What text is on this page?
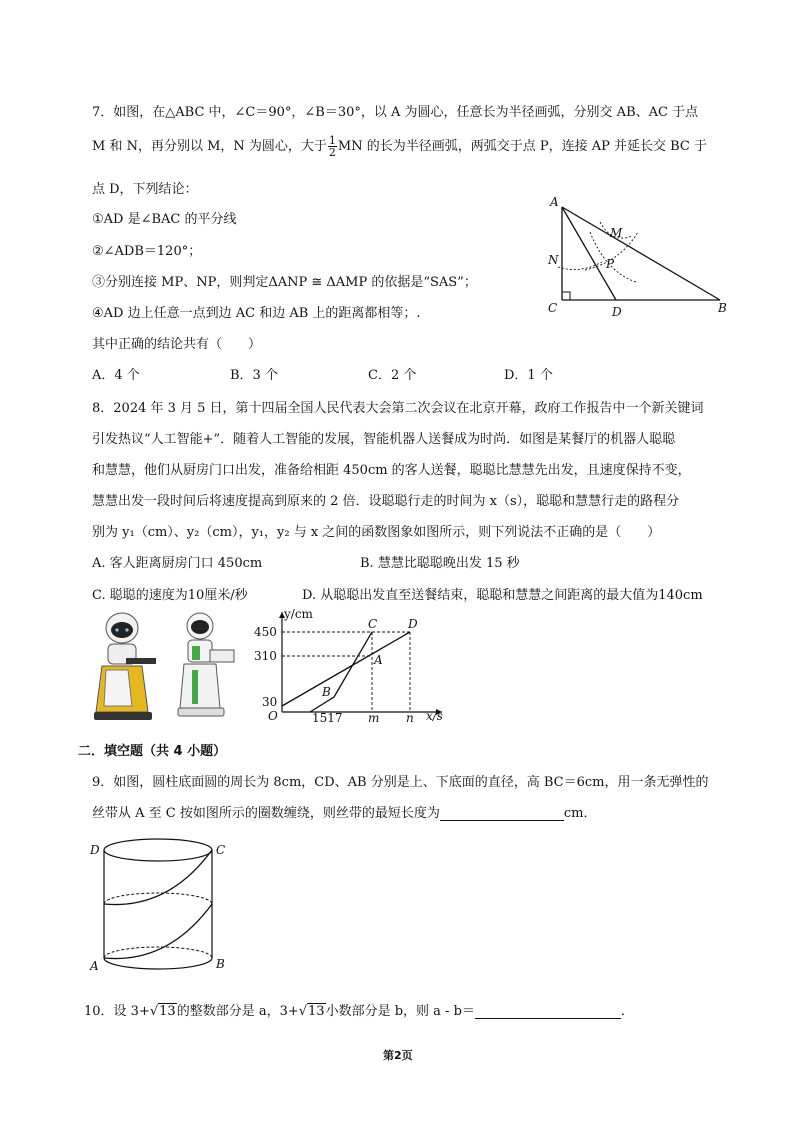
7．如图，在△ABC 中，∠C＝90°，∠B＝30°，以 A 为圆心，任意长为半径画弧，分别交 AB、AC 于点
M 和 N，再分别以 M，N 为圆心，大于 $\frac{1}{2}$ MN 的长为半径画弧，两弧交于点 P，连接 AP 并延长交 BC 于
点 D，下列结论：
①AD 是∠BAC 的平分线
②∠ADB＝120°；
③分别连接 MP、NP，则判定ΔANP ≅ ΔAMP 的依据是“SAS”；
④AD 边上任意一点到边 AC 和边 AB 上的距离都相等；.
其中正确的结论共有（　　）
A．4 个	B．3 个	C．2 个	D．1 个
A
C	D	B
M
N	P
8．2024 年 3 月 5 日，第十四届全国人民代表大会第二次会议在北京开幕，政府工作报告中一个新关键词
引发热议“人工智能+”．随着人工智能的发展，智能机器人送餐成为时尚．如图是某餐厅的机器人聪聪
和慧慧，他们从厨房门口出发，准备给相距 450cm 的客人送餐，聪聪比慧慧先出发，且速度保持不变，
慧慧出发一段时间后将速度提高到原来的 2 倍．设聪聪行走的时间为 x（s），聪聪和慧慧行走的路程分
别为 y₁（cm）、y₂（cm），y₁，y₂ 与 x 之间的函数图象如图所示，则下列说法不正确的是（　　）
A. 客人距离厨房门口 450cm	B. 慧慧比聪聪晚出发 15 秒
C. 聪聪的速度为10厘米/秒	D. 从聪聪出发直至送餐结束，聪聪和慧慧之间距离的最大值为140cm
y/cm
x/s
O
450
310
30
1517 m n
B
A
C	D
二．填空题（共 4 小题）
9．如图，圆柱底面圆的周长为 8cm，CD、AB 分别是上、下底面的直径，高 BC＝6cm，用一条无弹性的
丝带从 A 至 C 按如图所示的圈数缠绕，则丝带的最短长度为	cm．
D	C
A	B
10．设 3+√13的整数部分是 a，3+√13小数部分是 b，则 a - b＝	．
第2页
